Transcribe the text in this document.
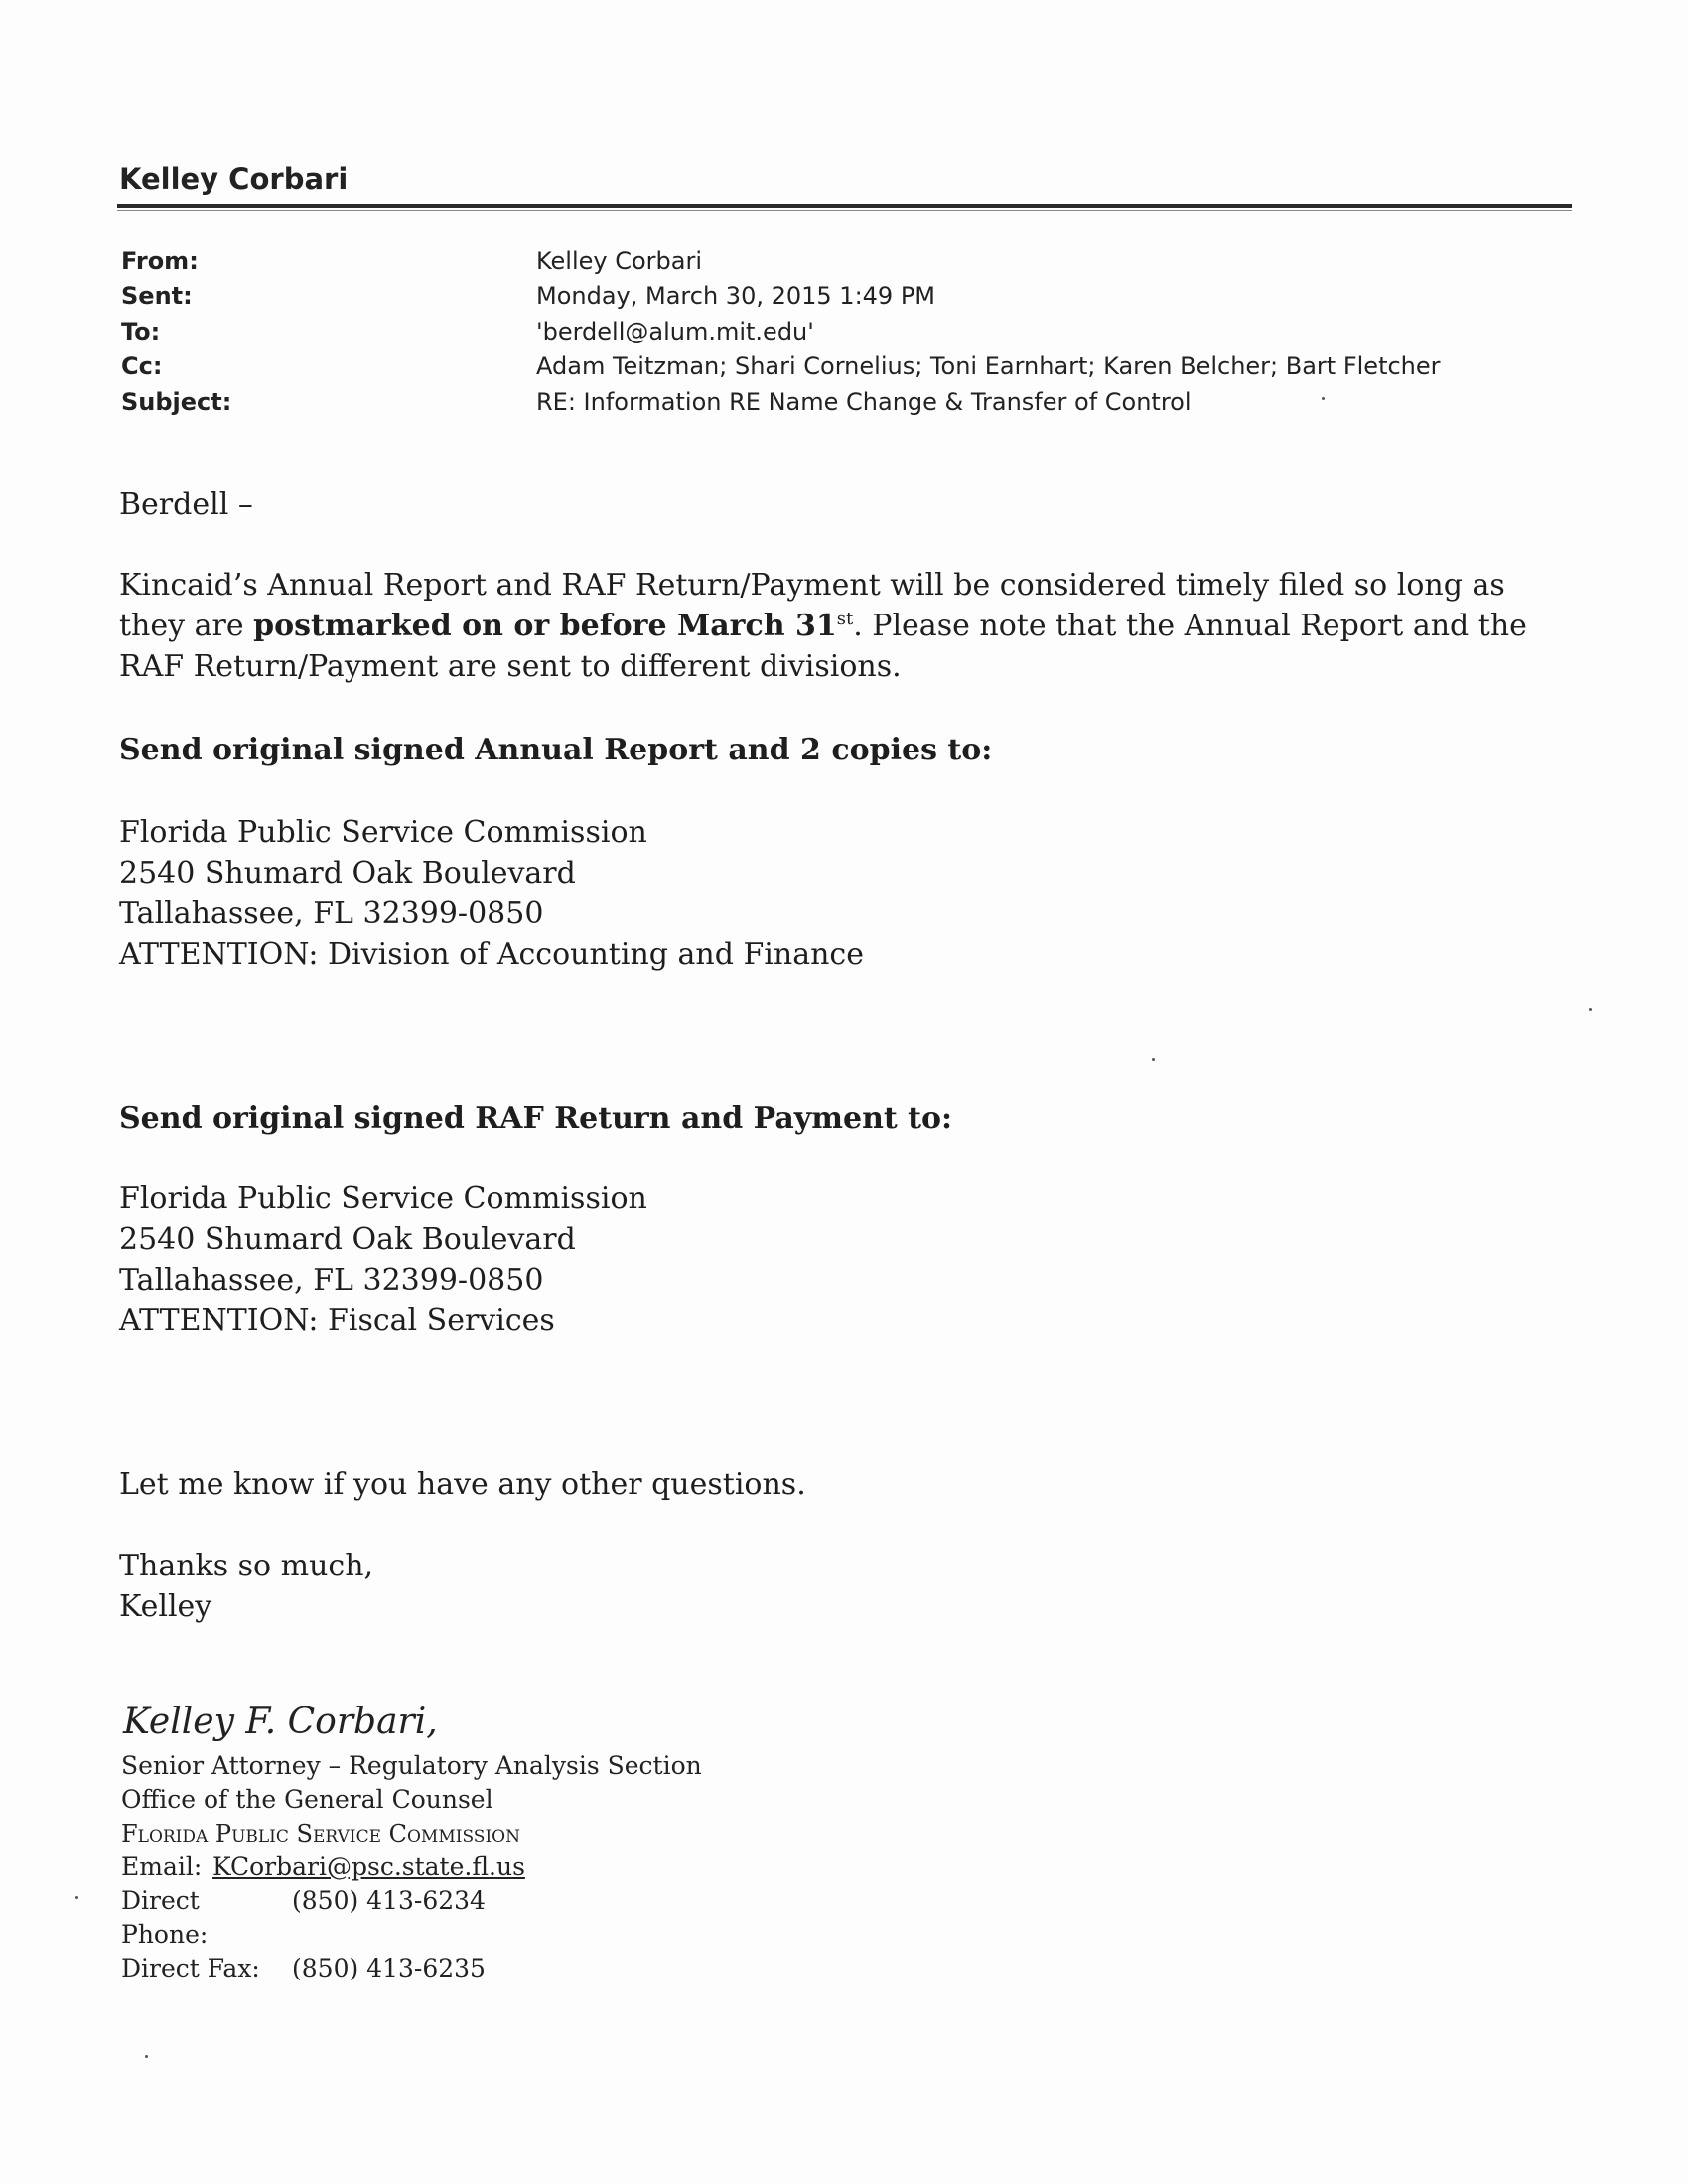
Kelley Corbari
From:	Kelley Corbari
Sent:	Monday, March 30, 2015 1:49 PM
To:	'berdell@alum.mit.edu'
Cc:	Adam Teitzman; Shari Cornelius; Toni Earnhart; Karen Belcher; Bart Fletcher
Subject:	RE: Information RE Name Change & Transfer of Control
Berdell –
Kincaid’s Annual Report and RAF Return/Payment will be considered timely filed so long as they are postmarked on or before March 31st. Please note that the Annual Report and the RAF Return/Payment are sent to different divisions.
Send original signed Annual Report and 2 copies to:
Florida Public Service Commission
2540 Shumard Oak Boulevard
Tallahassee, FL 32399-0850
ATTENTION: Division of Accounting and Finance
Send original signed RAF Return and Payment to:
Florida Public Service Commission
2540 Shumard Oak Boulevard
Tallahassee, FL 32399-0850
ATTENTION: Fiscal Services
Let me know if you have any other questions.
Thanks so much,
Kelley
Kelley F. Corbari,
Senior Attorney – Regulatory Analysis Section
Office of the General Counsel
Florida Public Service Commission
Email: KCorbari@psc.state.fl.us
Direct Phone:
(850) 413-6234
Direct Fax:	(850) 413-6235
